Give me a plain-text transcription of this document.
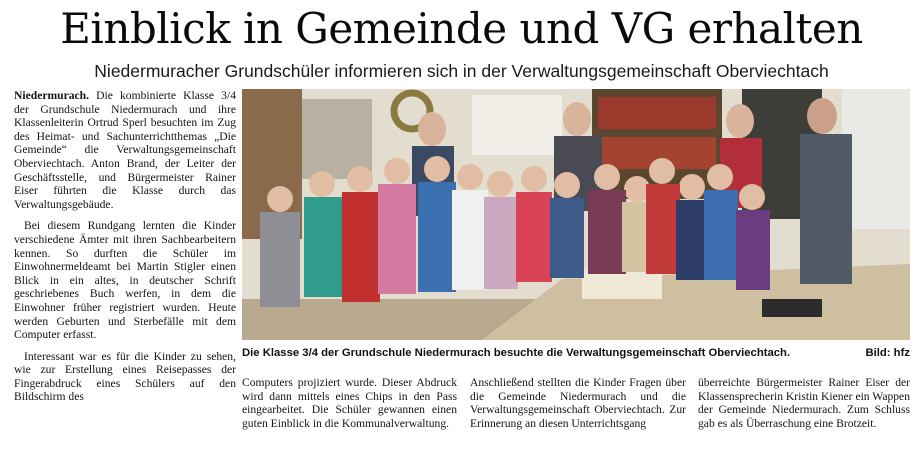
Einblick in Gemeinde und VG erhalten
Niedermuracher Grundschüler informieren sich in der Verwaltungsgemeinschaft Oberviechtach

Niedermurach. Die kombinierte Klasse 3/4 der Grundschule Niedermurach und ihre Klassenleiterin Ortrud Sperl besuchten im Zug des Heimat- und Sachunterrichtthemas „Die Gemeinde“ die Verwaltungsgemeinschaft Oberviechtach. Anton Brand, der Leiter der Geschäftsstelle, und Bürgermeister Rainer Eiser führten die Klasse durch das Verwaltungsgebäude.

Bei diesem Rundgang lernten die Kinder verschiedene Ämter mit ihren Sachbearbeitern kennen. So durften die Schüler im Einwohnermeldeamt bei Martin Stigler einen Blick in ein altes, in deutscher Schrift geschriebenes Buch werfen, in dem die Einwohner früher registriert wurden. Heute werden Geburten und Sterbefälle mit dem Computer erfasst.

Interessant war es für die Kinder zu sehen, wie zur Erstellung eines Reisepasses der Fingerabdruck eines Schülers auf den Bildschirm des

Die Klasse 3/4 der Grundschule Niedermurach besuchte die Verwaltungsgemeinschaft Oberviechtach.	Bild: hfz

Computers projiziert wurde. Dieser Abdruck wird dann mittels eines Chips in den Pass eingearbeitet. Die Schüler gewannen einen guten Einblick in die Kommunalverwaltung.

Anschließend stellten die Kinder Fragen über die Gemeinde Niedermurach und die Verwaltungsgemeinschaft Oberviechtach. Zur Erinnerung an diesen Unterrichtsgang

überreichte Bürgermeister Rainer Eiser der Klassensprecherin Kristin Kiener ein Wappen der Gemeinde Niedermurach. Zum Schluss gab es als Überraschung eine Brotzeit.
